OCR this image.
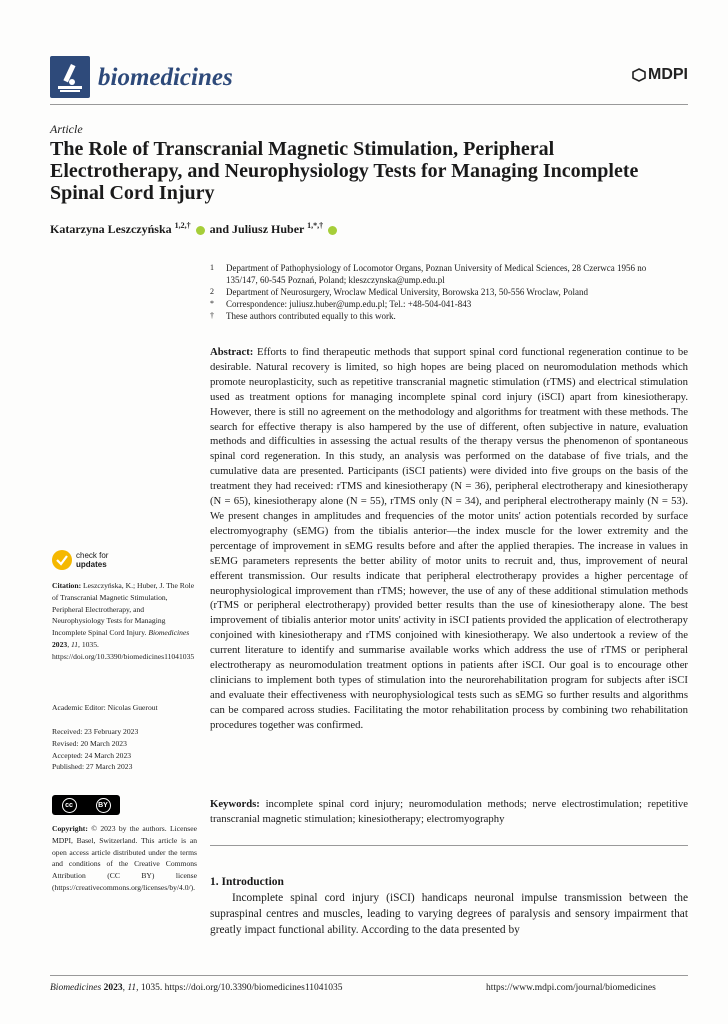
biomedicines	MDPI
Article
The Role of Transcranial Magnetic Stimulation, Peripheral Electrotherapy, and Neurophysiology Tests for Managing Incomplete Spinal Cord Injury
Katarzyna Leszczyńska $^{1,2,\dagger}$ and Juliusz Huber $^{1,*,\dagger}$
1	Department of Pathophysiology of Locomotor Organs, Poznan University of Medical Sciences, 28 Czerwca 1956 no 135/147, 60-545 Poznań, Poland; kleszczynska@ump.edu.pl
2	Department of Neurosurgery, Wroclaw Medical University, Borowska 213, 50-556 Wroclaw, Poland
*	Correspondence: juliusz.huber@ump.edu.pl; Tel.: +48-504-041-843
†	These authors contributed equally to this work.
Abstract: Efforts to find therapeutic methods that support spinal cord functional regeneration continue to be desirable. Natural recovery is limited, so high hopes are being placed on neuromodulation methods which promote neuroplasticity, such as repetitive transcranial magnetic stimulation (rTMS) and electrical stimulation used as treatment options for managing incomplete spinal cord injury (iSCI) apart from kinesiotherapy. However, there is still no agreement on the methodology and algorithms for treatment with these methods. The search for effective therapy is also hampered by the use of different, often subjective in nature, evaluation methods and difficulties in assessing the actual results of the therapy versus the phenomenon of spontaneous spinal cord regeneration. In this study, an analysis was performed on the database of five trials, and the cumulative data are presented. Participants (iSCI patients) were divided into five groups on the basis of the treatment they had received: rTMS and kinesiotherapy (N = 36), peripheral electrotherapy and kinesiotherapy (N = 65), kinesiotherapy alone (N = 55), rTMS only (N = 34), and peripheral electrotherapy mainly (N = 53). We present changes in amplitudes and frequencies of the motor units' action potentials recorded by surface electromyography (sEMG) from the tibialis anterior—the index muscle for the lower extremity and the percentage of improvement in sEMG results before and after the applied therapies. The increase in values in sEMG parameters represents the better ability of motor units to recruit and, thus, improvement of neural efferent transmission. Our results indicate that peripheral electrotherapy provides a higher percentage of neurophysiological improvement than rTMS; however, the use of any of these additional stimulation methods (rTMS or peripheral electrotherapy) provided better results than the use of kinesiotherapy alone. The best improvement of tibialis anterior motor units' activity in iSCI patients provided the application of electrotherapy conjoined with kinesiotherapy and rTMS conjoined with kinesiotherapy. We also undertook a review of the current literature to identify and summarise available works which address the use of rTMS or peripheral electrotherapy as neuromodulation treatment options in patients after iSCI. Our goal is to encourage other clinicians to implement both types of stimulation into the neurorehabilitation program for subjects after iSCI and evaluate their effectiveness with neurophysiological tests such as sEMG so further results and algorithms can be compared across studies. Facilitating the motor rehabilitation process by combining two rehabilitation procedures together was confirmed.
Keywords: incomplete spinal cord injury; neuromodulation methods; nerve electrostimulation; repetitive transcranial magnetic stimulation; kinesiotherapy; electromyography
1. Introduction
Incomplete spinal cord injury (iSCI) handicaps neuronal impulse transmission between the supraspinal centres and muscles, leading to varying degrees of paralysis and sensory impairment that greatly impact functional ability. According to the data presented by
check for
updates
Citation: Leszczyńska, K.; Huber, J. The Role of Transcranial Magnetic Stimulation, Peripheral Electrotherapy, and Neurophysiology Tests for Managing Incomplete Spinal Cord Injury. Biomedicines 2023, 11, 1035. https://doi.org/10.3390/biomedicines11041035
Academic Editor: Nicolas Guerout
Received: 23 February 2023
Revised: 20 March 2023
Accepted: 24 March 2023
Published: 27 March 2023
cc	BY
Copyright: © 2023 by the authors. Licensee MDPI, Basel, Switzerland. This article is an open access article distributed under the terms and conditions of the Creative Commons Attribution (CC BY) license (https://creativecommons.org/licenses/by/4.0/).
Biomedicines 2023, 11, 1035. https://doi.org/10.3390/biomedicines11041035	https://www.mdpi.com/journal/biomedicines
